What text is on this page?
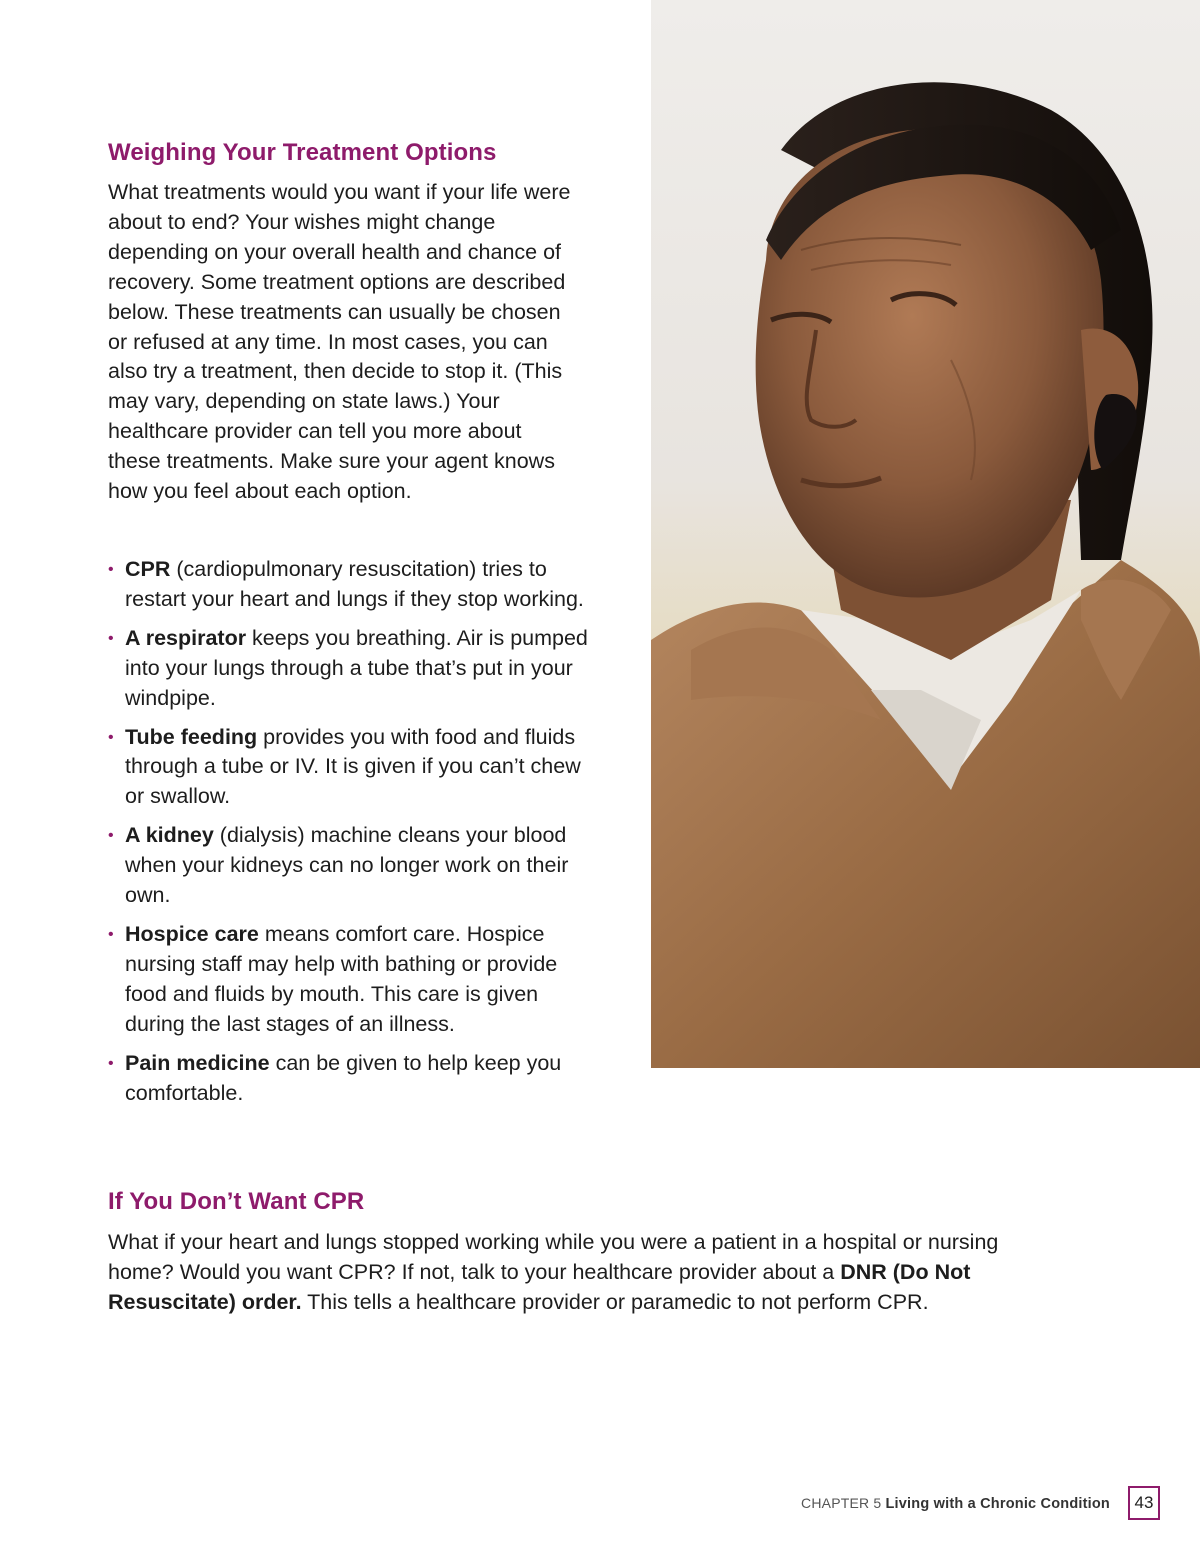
Weighing Your Treatment Options

What treatments would you want if your life were about to end? Your wishes might change depending on your overall health and chance of recovery. Some treatment options are described below. These treatments can usually be chosen or refused at any time. In most cases, you can also try a treatment, then decide to stop it. (This may vary, depending on state laws.) Your healthcare provider can tell you more about these treatments. Make sure your agent knows how you feel about each option.

• CPR (cardiopulmonary resuscitation) tries to restart your heart and lungs if they stop working.
• A respirator keeps you breathing. Air is pumped into your lungs through a tube that’s put in your windpipe.
• Tube feeding provides you with food and fluids through a tube or IV. It is given if you can’t chew or swallow.
• A kidney (dialysis) machine cleans your blood when your kidneys can no longer work on their own.
• Hospice care means comfort care. Hospice nursing staff may help with bathing or provide food and fluids by mouth. This care is given during the last stages of an illness.
• Pain medicine can be given to help keep you comfortable.
If You Don’t Want CPR

What if your heart and lungs stopped working while you were a patient in a hospital or nursing home? Would you want CPR? If not, talk to your healthcare provider about a DNR (Do Not Resuscitate) order. This tells a healthcare provider or paramedic to not perform CPR.

CHAPTER 5 Living with a Chronic Condition	43
